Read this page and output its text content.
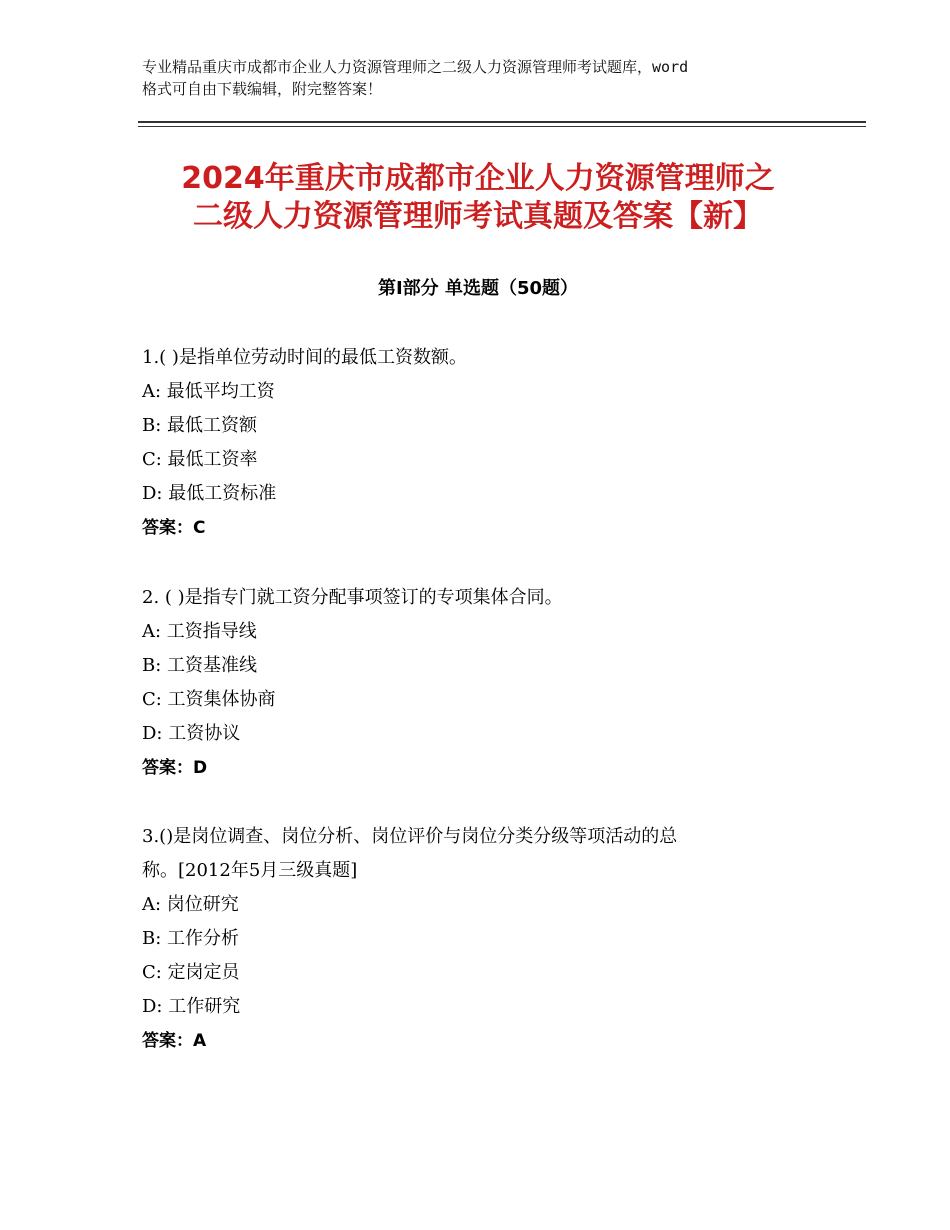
专业精品重庆市成都市企业人力资源管理师之二级人力资源管理师考试题库，word
格式可自由下载编辑，附完整答案！
2024年重庆市成都市企业人力资源管理师之
二级人力资源管理师考试真题及答案【新】
第Ⅰ部分 单选题（50题）

1.( )是指单位劳动时间的最低工资数额。

A: 最低平均工资

B: 最低工资额

C: 最低工资率

D: 最低工资标准

答案：C

2. ( )是指专门就工资分配事项签订的专项集体合同。

A: 工资指导线

B: 工资基准线

C: 工资集体协商

D: 工资协议

答案：D

3.()是岗位调查、岗位分析、岗位评价与岗位分类分级等项活动的总

称。[2012年5月三级真题]

A: 岗位研究

B: 工作分析

C: 定岗定员

D: 工作研究

答案：A
